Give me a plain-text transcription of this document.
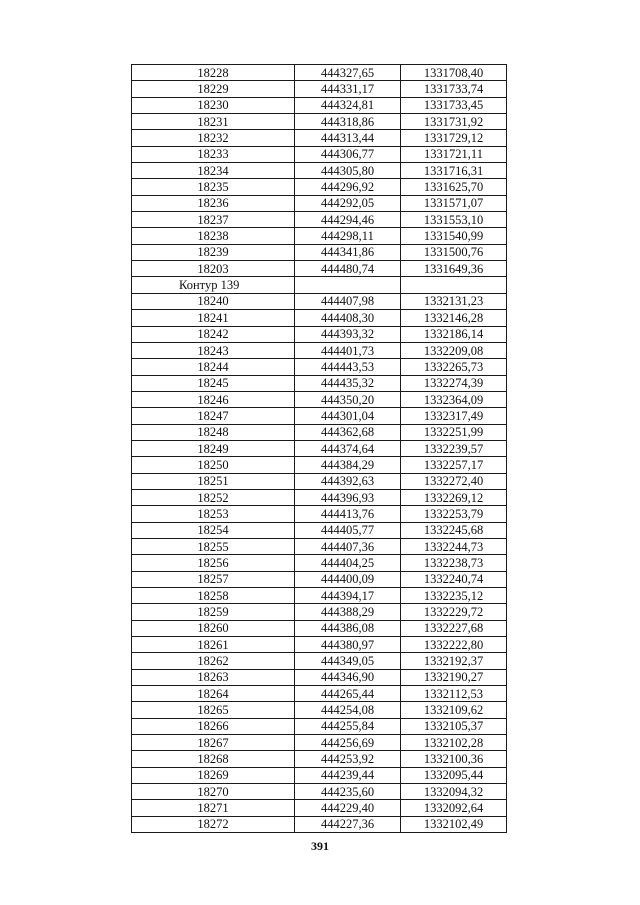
18228	444327,65	1331708,40
18229	444331,17	1331733,74
18230	444324,81	1331733,45
18231	444318,86	1331731,92
18232	444313,44	1331729,12
18233	444306,77	1331721,11
18234	444305,80	1331716,31
18235	444296,92	1331625,70
18236	444292,05	1331571,07
18237	444294,46	1331553,10
18238	444298,11	1331540,99
18239	444341,86	1331500,76
18203	444480,74	1331649,36
Контур 139		
18240	444407,98	1332131,23
18241	444408,30	1332146,28
18242	444393,32	1332186,14
18243	444401,73	1332209,08
18244	444443,53	1332265,73
18245	444435,32	1332274,39
18246	444350,20	1332364,09
18247	444301,04	1332317,49
18248	444362,68	1332251,99
18249	444374,64	1332239,57
18250	444384,29	1332257,17
18251	444392,63	1332272,40
18252	444396,93	1332269,12
18253	444413,76	1332253,79
18254	444405,77	1332245,68
18255	444407,36	1332244,73
18256	444404,25	1332238,73
18257	444400,09	1332240,74
18258	444394,17	1332235,12
18259	444388,29	1332229,72
18260	444386,08	1332227,68
18261	444380,97	1332222,80
18262	444349,05	1332192,37
18263	444346,90	1332190,27
18264	444265,44	1332112,53
18265	444254,08	1332109,62
18266	444255,84	1332105,37
18267	444256,69	1332102,28
18268	444253,92	1332100,36
18269	444239,44	1332095,44
18270	444235,60	1332094,32
18271	444229,40	1332092,64
18272	444227,36	1332102,49
391
